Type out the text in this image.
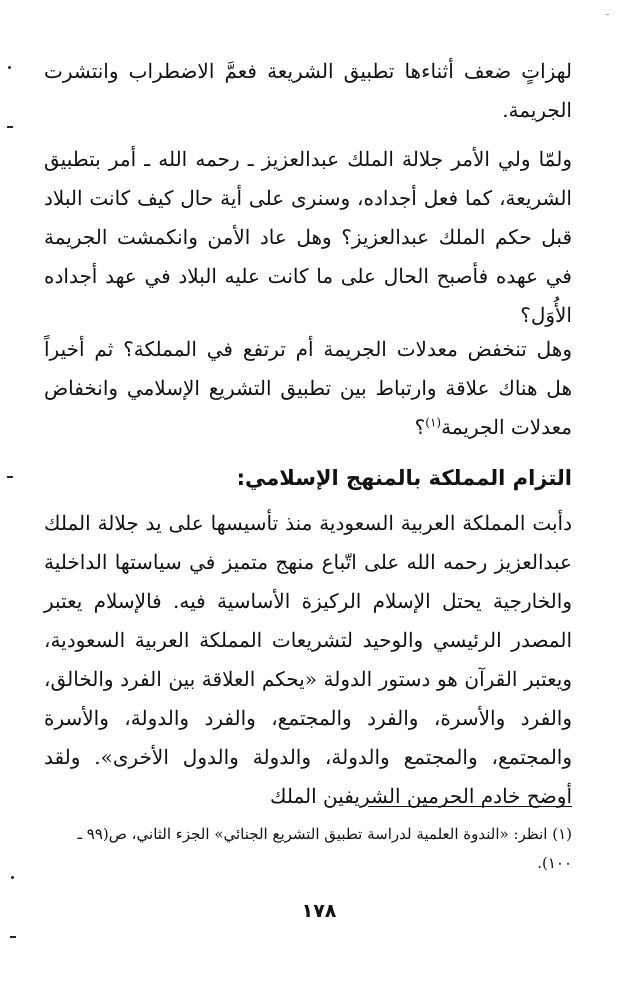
لهزاتٍ ضعف أثناءها تطبيق الشريعة فعمَّ الاضطراب وانتشرت الجريمة.

ولمّا ولي الأمر جلالة الملك عبدالعزيز ـ رحمه الله ـ أمر بتطبيق الشريعة، كما فعل أجداده، وسنرى على أية حال كيف كانت البلاد قبل حكم الملك عبدالعزيز؟ وهل عاد الأمن وانكمشت الجريمة في عهده فأصبح الحال على ما كانت عليه البلاد في عهد أجداده الأُوَل؟

وهل تنخفض معدلات الجريمة أم ترتفع في المملكة؟ ثم أخيراً هل هناك علاقة وارتباط بين تطبيق التشريع الإسلامي وانخفاض معدلات الجريمة$^{(١)}$؟

التزام المملكة بالمنهج الإسلامي:

دأبت المملكة العربية السعودية منذ تأسيسها على يد جلالة الملك عبدالعزيز رحمه الله على اتّباع منهج متميز في سياستها الداخلية والخارجية يحتل الإسلام الركيزة الأساسية فيه. فالإسلام يعتبر المصدر الرئيسي والوحيد لتشريعات المملكة العربية السعودية، ويعتبر القرآن هو دستور الدولة «يحكم العلاقة بين الفرد والخالق، والفرد والأسرة، والفرد والمجتمع، والفرد والدولة، والأسرة والمجتمع، والمجتمع والدولة، والدولة والدول الأخرى». ولقد أوضح خادم الحرمين الشريفين الملك

(١) انظر: «الندوة العلمية لدراسة تطبيق التشريع الجنائي» الجزء الثاني، ص(٩٩ ـ ١٠٠).

١٧٨
